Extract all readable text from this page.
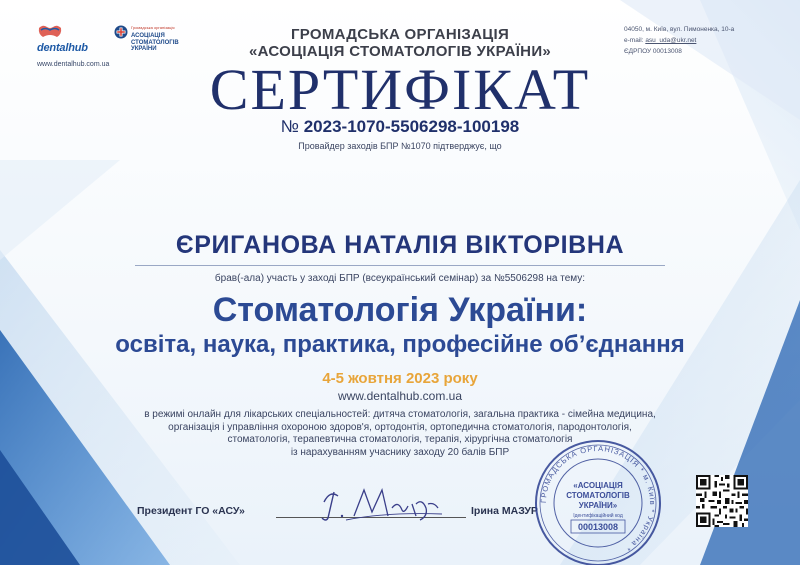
dentalhub
www.dentalhub.com.ua
Громадська організація
АСОЦІАЦІЯ
СТОМАТОЛОГІВ
УКРАЇНИ
ГРОМАДСЬКА ОРГАНІЗАЦІЯ
«АСОЦІАЦІЯ СТОМАТОЛОГІВ УКРАЇНИ»
04050, м. Київ, вул. Пимоненка, 10-а
e-mail: asu_uda@ukr.net
ЄДРПОУ 00013008
СЕРТИФІКАТ
№ 2023-1070-5506298-100198
Провайдер заходів БПР №1070 підтверджує, що
ЄРИГАНОВА НАТАЛІЯ ВІКТОРІВНА
брав(-ала) участь у заході БПР (всеукраїнський семінар) за №5506298 на тему:
Стоматологія України:
освіта, наука, практика, професійне об’єднання
4-5 жовтня 2023 року
www.dentalhub.com.ua
в режимі онлайн для лікарських спеціальностей: дитяча стоматологія, загальна практика - сімейна медицина,
організація і управління охороною здоров'я, ортодонтія, ортопедична стоматологія, пародонтологія,
стоматологія, терапевтична стоматологія, терапія, хірургічна стоматологія
із нарахуванням учаснику заходу 20 балів БПР
Президент ГО «АСУ»	Ірина МАЗУР
ГРОМАДСЬКА ОРГАНІЗАЦІЯ * м. Київ * Україна *
«АСОЦІАЦІЯ
СТОМАТОЛОГІВ
УКРАЇНИ»
Ідентифікаційний код
00013008
